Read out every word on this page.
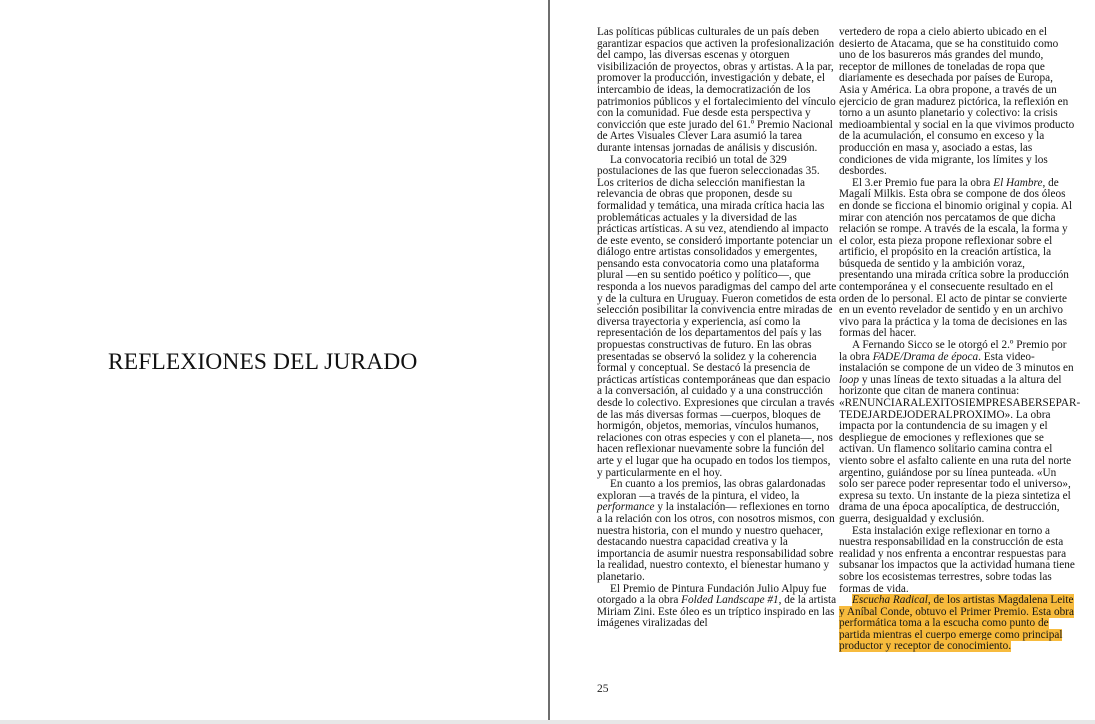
REFLEXIONES DEL JURADO

Las políticas públicas culturales de un país deben garantizar espacios que activen la profesionalización del campo, las diversas escenas y otorguen visibilización de proyectos, obras y artistas. A la par, promover la producción, investigación y debate, el intercambio de ideas, la democratización de los patrimonios públicos y el fortalecimiento del vínculo con la comunidad. Fue desde esta perspectiva y convicción que este jurado del 61.º Premio Nacional de Artes Visuales Clever Lara asumió la tarea durante intensas jornadas de análisis y discusión.

La convocatoria recibió un total de 329 postulaciones de las que fueron seleccionadas 35. Los criterios de dicha selección manifiestan la relevancia de obras que proponen, desde su formalidad y temática, una mirada crítica hacia las problemáticas actuales y la diversidad de las prácticas artísticas. A su vez, atendiendo al impacto de este evento, se consideró importante potenciar un diálogo entre artistas consolidados y emergentes, pensando esta convocatoria como una plataforma plural —en su sentido poético y político—, que responda a los nuevos paradigmas del campo del arte y de la cultura en Uruguay. Fueron cometidos de esta selección posibilitar la convivencia entre miradas de diversa trayectoria y experiencia, así como la representación de los departamentos del país y las propuestas constructivas de futuro. En las obras presentadas se observó la solidez y la coherencia formal y conceptual. Se destacó la presencia de prácticas artísticas contemporáneas que dan espacio a la conversación, al cuidado y a una construcción desde lo colectivo. Expresiones que circulan a través de las más diversas formas —cuerpos, bloques de hormigón, objetos, memorias, vínculos humanos, relaciones con otras especies y con el planeta—, nos hacen reflexionar nuevamente sobre la función del arte y el lugar que ha ocupado en todos los tiempos, y particularmente en el hoy.

En cuanto a los premios, las obras galardonadas exploran —a través de la pintura, el video, la performance y la instalación— reflexiones en torno a la relación con los otros, con nosotros mismos, con nuestra historia, con el mundo y nuestro quehacer, destacando nuestra capacidad creativa y la importancia de asumir nuestra responsabilidad sobre la realidad, nuestro contexto, el bienestar humano y planetario.

El Premio de Pintura Fundación Julio Alpuy fue otorgado a la obra Folded Landscape #1, de la artista Miriam Zini. Este óleo es un tríptico inspirado en las imágenes viralizadas del

vertedero de ropa a cielo abierto ubicado en el desierto de Atacama, que se ha constituido como uno de los basureros más grandes del mundo, receptor de millones de toneladas de ropa que diariamente es desechada por países de Europa, Asia y América. La obra propone, a través de un ejercicio de gran madurez pictórica, la reflexión en torno a un asunto planetario y colectivo: la crisis medioambiental y social en la que vivimos producto de la acumulación, el consumo en exceso y la producción en masa y, asociado a estas, las condiciones de vida migrante, los límites y los desbordes.

El 3.er Premio fue para la obra El Hambre, de Magalí Milkis. Esta obra se compone de dos óleos en donde se ficciona el binomio original y copia. Al mirar con atención nos percatamos de que dicha relación se rompe. A través de la escala, la forma y el color, esta pieza propone reflexionar sobre el artificio, el propósito en la creación artística, la búsqueda de sentido y la ambición voraz, presentando una mirada crítica sobre la producción contemporánea y el consecuente resultado en el orden de lo personal. El acto de pintar se convierte en un evento revelador de sentido y en un archivo vivo para la práctica y la toma de decisiones en las formas del hacer.

A Fernando Sicco se le otorgó el 2.º Premio por la obra FADE/Drama de época. Esta video-instalación se compone de un video de 3 minutos en loop y unas líneas de texto situadas a la altura del horizonte que citan de manera continua: «RENUNCIARALEXITOSIEMPRESABERSEPAR-TEDEJARDEJODERALPROXIMO». La obra impacta por la contundencia de su imagen y el despliegue de emociones y reflexiones que se activan. Un flamenco solitario camina contra el viento sobre el asfalto caliente en una ruta del norte argentino, guiándose por su línea punteada. «Un solo ser parece poder representar todo el universo», expresa su texto. Un instante de la pieza sintetiza el drama de una época apocalíptica, de destrucción, guerra, desigualdad y exclusión.

Esta instalación exige reflexionar en torno a nuestra responsabilidad en la construcción de esta realidad y nos enfrenta a encontrar respuestas para subsanar los impactos que la actividad humana tiene sobre los ecosistemas terrestres, sobre todas las formas de vida.

Escucha Radical, de los artistas Magdalena Leite y Aníbal Conde, obtuvo el Primer Premio. Esta obra performática toma a la escucha como punto de partida mientras el cuerpo emerge como principal productor y receptor de conocimiento.

25
